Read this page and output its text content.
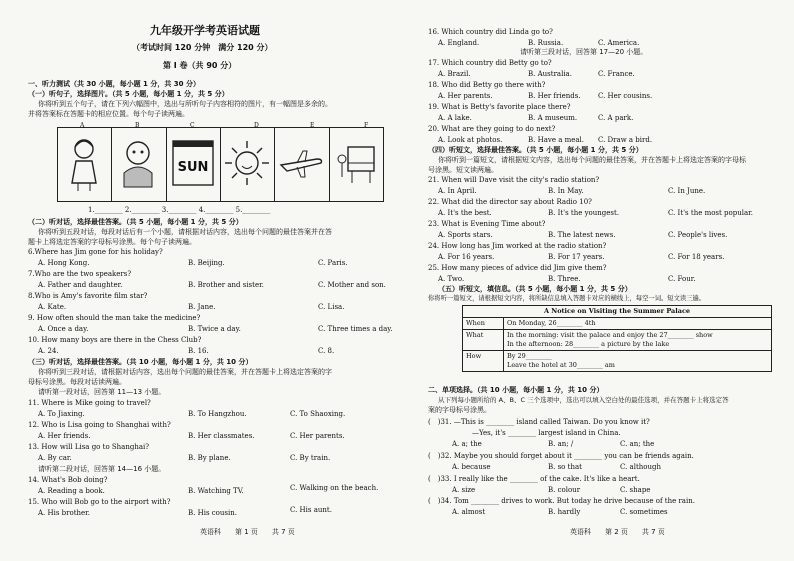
九年级开学考英语试题
（考试时间 120 分钟　满分 120 分）
第 I 卷（共 90 分）
一、听力测试（共 30 小题，每小题 1 分，共 30 分）
（一）听句子，选择图片。（共 5 小题，每小题 1 分，共 5 分）
你将听到五个句子，请在下列六幅图中，选出与所听句子内容相符的图片，有一幅图是多余的。
并将答案标在答题卡的相应位置。每个句子读两遍。
A	B	C	D	E	F
SUN
1.________ 2.________ 3.________ 4.________ 5.________
（二）听对话，选择最佳答案。（共 5 小题，每小题 1 分，共 5 分）
你将听到五段对话，每段对话后有一个小题，请根据对话内容，选出每个问题的最佳答案并在答
题卡上将选定答案的字母标号涂黑。每个句子读两遍。
6.Where has Jim gone for his holiday?
A. Hong Kong.	B. Beijing.	C. Paris.
7.Who are the two speakers?
A. Father and daughter.	B. Brother and sister.	C. Mother and son.
8.Who is Amy's favorite film star?
A. Kate.	B. Jane.	C. Lisa.
9. How often should the man take the medicine?
A. Once a day.	B. Twice a day.	C. Three times a day.
10. How many boys are there in the Chess Club?
A. 24.	B. 16.	C. 8.
（三）听对话，选择最佳答案。（共 10 小题，每小题 1 分，共 10 分）
你将听到三段对话，请根据对话内容，选出每个问题的最佳答案，并在答题卡上将选定答案的字
母标号涂黑。每段对话读两遍。
请听第一段对话，回答第 11—13 小题。
11. Where is Mike going to travel?
A. To Jiaxing.	B. To Hangzhou.	C. To Shaoxing.
12. Who is Lisa going to Shanghai with?
A. Her friends.	B. Her classmates.	C. Her parents.
13. How will Lisa go to Shanghai?
A. By car.	B. By plane.	C. By train.
请听第二段对话，回答第 14—16 小题。
14. What's Bob doing?
A. Reading a book.	B. Watching TV.	C. Walking on the beach.
15. Who will Bob go to the airport with?
A. His brother.	B. His cousin.	C. His aunt.
英语科　　第 1 页　　共 7 页
16. Which country did Linda go to?
A. England.	B. Russia.	C. America.
请听第三段对话，回答第 17—20 小题。
17. Which country did Betty go to?
A. Brazil.	B. Australia.	C. France.
18. Who did Betty go there with?
A. Her parents.	B. Her friends. C. Her cousins.
19. What is Betty's favorite place there?
A. A lake.	B. A museum.	C. A park.
20. What are they going to do next?
A. Look at photos.	B. Have a meal. C. Draw a bird.
（四）听短文，选择最佳答案。（共 5 小题，每小题 1 分，共 5 分）
你将听到一篇短文，请根据短文内容，选出每个问题的最佳答案，并在答题卡上将选定答案的字母标
号涂黑。短文读两遍。
21. When will Dave visit the city's radio station?
A. In April.	B. In May.	C. In June.
22. What did the director say about Radio 10?
A. It's the best.	B. It's the youngest.	C. It's the most popular.
23. What is Evening Time about?
A. Sports stars.	B. The latest news.	C. People's lives.
24. How long has Jim worked at the radio station?
A. For 16 years.	B. For 17 years.	C. For 18 years.
25. How many pieces of advice did Jim give them?
A. Two.	B. Three.	C. Four.
（五）听短文，填信息。（共 5 小题，每小题 1 分，共 5 分）
你将听一篇短文，请根据短文内容，将所缺信息填入答题卡对应的横线上，每空一词。短文读三遍。
A Notice on Visiting the Summer Palace	
When	On Monday, 26________ 4th

What	In the morning: visit the palace and enjoy the 27________ show
In the afternoon: 28________ a picture by the lake

How	By 29________
Leave the hotel at 30________ am
二、单项选择。（共 10 小题，每小题 1 分，共 10 分）
从下列每小题所给的 A、B、C 三个选项中，选出可以填入空白处的最佳选项，并在答题卡上将选定答
案的字母标号涂黑。
(　)31. —This is ________ island called Taiwan. Do you know it?
—Yes, it's ________ largest island in China.
A. a; the	B. an; /	C. an; the
(　)32. Maybe you should forget about it ________ you can be friends again.
A. because	B. so that	C. although
(　)33. I really like the ________ of the cake. It's like a heart.
A. size	B. colour	C. shape
(　)34. Tom ________ drives to work. But today he drive because of the rain.
A. almost	B. hardly	C. sometimes
英语科　　第 2 页　　共 7 页
